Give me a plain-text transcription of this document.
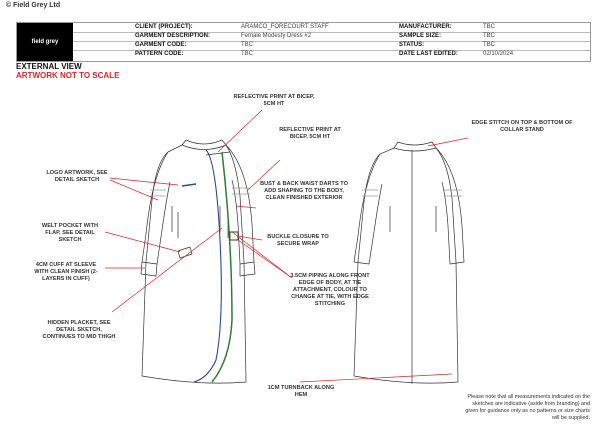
© Field Grey Ltd
field grey
CLIENT (PROJECT):	ARAMCO_FORECOURT STAFF	MANUFACTURER:	TBC
GARMENT DESCRIPTION:	Female Modesty Dress #2	SAMPLE SIZE:	TBC
GARMENT CODE:	TBC	STATUS:	TBC
PATTERN CODE:	TBC	DATE LAST EDITED:	02/10/2024
EXTERNAL VIEW
ARTWORK NOT TO SCALE
REFLECTIVE PRINT AT BICEP, 5CM HT
REFLECTIVE PRINT AT BICEP, 5CM HT
EDGE STITCH ON TOP & BOTTOM OF COLLAR STAND
LOGO ARTWORK, SEE DETAIL SKETCH
BUST & BACK WAIST DARTS TO ADD SHAPING TO THE BODY, CLEAN FINISHED EXTERIOR
WELT POCKET WITH FLAP, SEE DETAIL SKETCH	BUCKLE CLOSURE TO SECURE WRAP
4CM CUFF AT SLEEVE WITH CLEAN FINISH (2-LAYERS IN CUFF)	3.5CM PIPING ALONG FRONT EDGE OF BODY, AT TIE ATTACHMENT, COLOUR TO CHANGE AT TIE, WITH EDGE STITCHING
HIDDEN PLACKET, SEE DETAIL SKETCH, CONTINUES TO MID THIGH
1CM TURNBACK ALONG HEM	Please note that all measurements indicated on the sketches are indicative (aside from branding) and given for guidance only as no patterns or size charts will be supplied.
